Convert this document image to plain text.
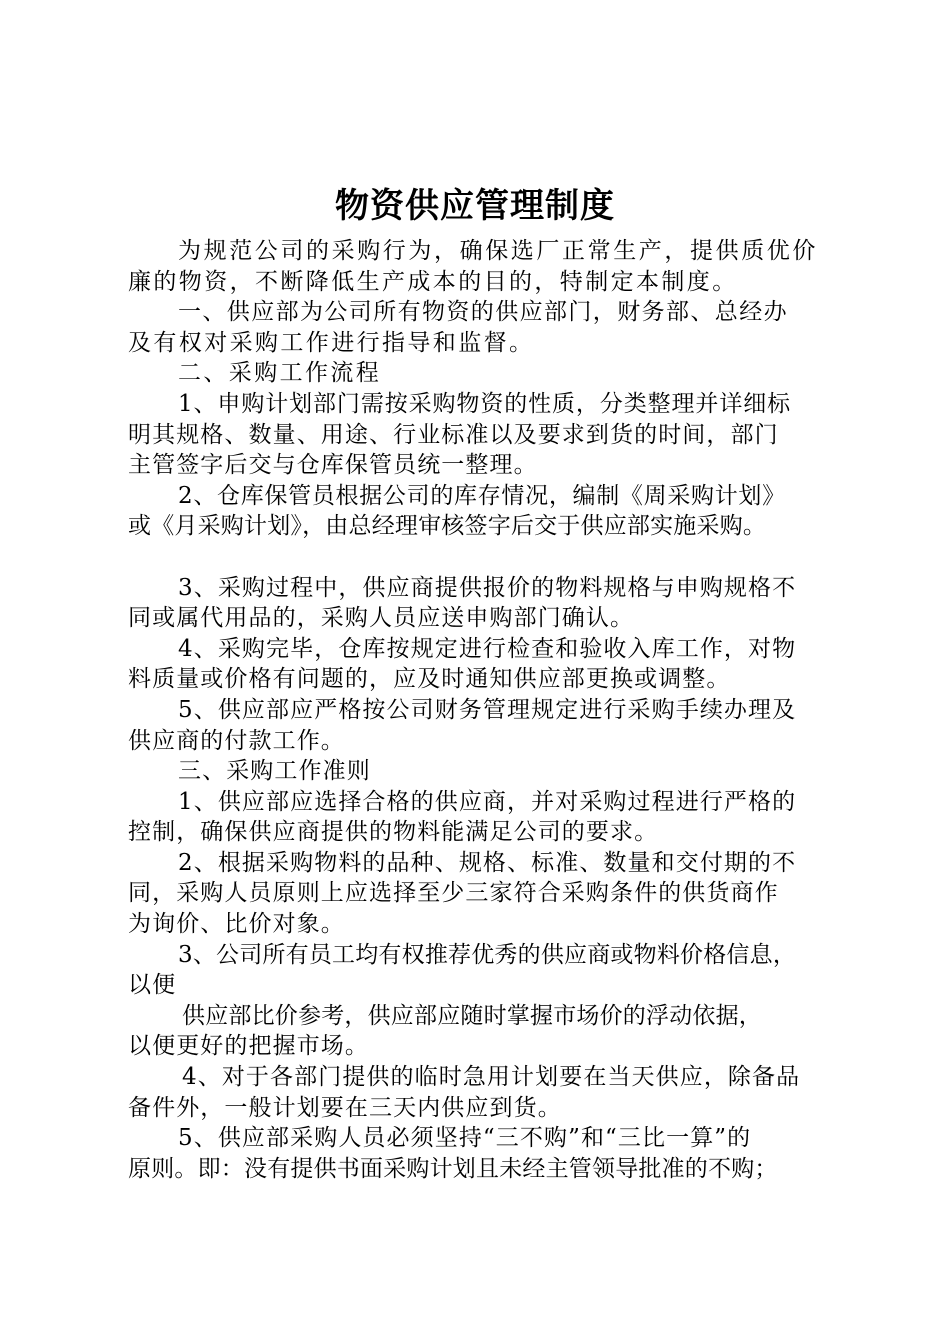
物资供应管理制度
为规范公司的采购行为，确保选厂正常生产，提供质优价
廉的物资，不断降低生产成本的目的，特制定本制度。
一、供应部为公司所有物资的供应部门，财务部、总经办
及有权对采购工作进行指导和监督。
二、采购工作流程
1、申购计划部门需按采购物资的性质，分类整理并详细标
明其规格、数量、用途、行业标准以及要求到货的时间，部门
主管签字后交与仓库保管员统一整理。
2、仓库保管员根据公司的库存情况，编制《周采购计划》
或《月采购计划》，由总经理审核签字后交于供应部实施采购。
3、采购过程中，供应商提供报价的物料规格与申购规格不
同或属代用品的，采购人员应送申购部门确认。
4、采购完毕，仓库按规定进行检查和验收入库工作，对物
料质量或价格有问题的，应及时通知供应部更换或调整。
5、供应部应严格按公司财务管理规定进行采购手续办理及
供应商的付款工作。
三、采购工作准则
1、供应部应选择合格的供应商，并对采购过程进行严格的
控制，确保供应商提供的物料能满足公司的要求。
2、根据采购物料的品种、规格、标准、数量和交付期的不
同，采购人员原则上应选择至少三家符合采购条件的供货商作
为询价、比价对象。
3、公司所有员工均有权推荐优秀的供应商或物料价格信息，
以便
供应部比价参考，供应部应随时掌握市场价的浮动依据，
以便更好的把握市场。
4、对于各部门提供的临时急用计划要在当天供应，除备品
备件外，一般计划要在三天内供应到货。
5、供应部采购人员必须坚持“三不购”和“三比一算”的
原则。即：没有提供书面采购计划且未经主管领导批准的不购；
